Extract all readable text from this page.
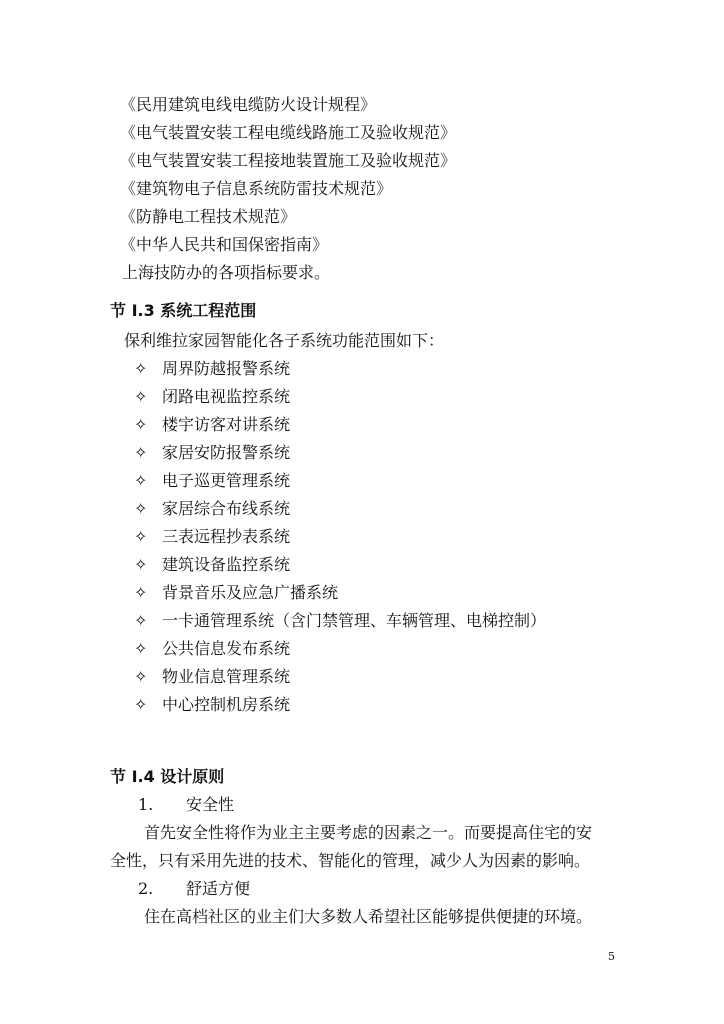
《民用建筑电线电缆防火设计规程》
《电气装置安装工程电缆线路施工及验收规范》
《电气装置安装工程接地装置施工及验收规范》
《建筑物电子信息系统防雷技术规范》
《防静电工程技术规范》
《中华人民共和国保密指南》
上海技防办的各项指标要求。
节 I.3 系统工程范围
保利维拉家园智能化各子系统功能范围如下：
✧ 周界防越报警系统
✧ 闭路电视监控系统
✧ 楼宇访客对讲系统
✧ 家居安防报警系统
✧ 电子巡更管理系统
✧ 家居综合布线系统
✧ 三表远程抄表系统
✧ 建筑设备监控系统
✧ 背景音乐及应急广播系统
✧ 一卡通管理系统（含门禁管理、车辆管理、电梯控制）
✧ 公共信息发布系统
✧ 物业信息管理系统
✧ 中心控制机房系统
节 I.4 设计原则
1. 安全性
首先安全性将作为业主主要考虑的因素之一。而要提高住宅的安
全性，只有采用先进的技术、智能化的管理，减少人为因素的影响。
2. 舒适方便
住在高档社区的业主们大多数人希望社区能够提供便捷的环境。
5
